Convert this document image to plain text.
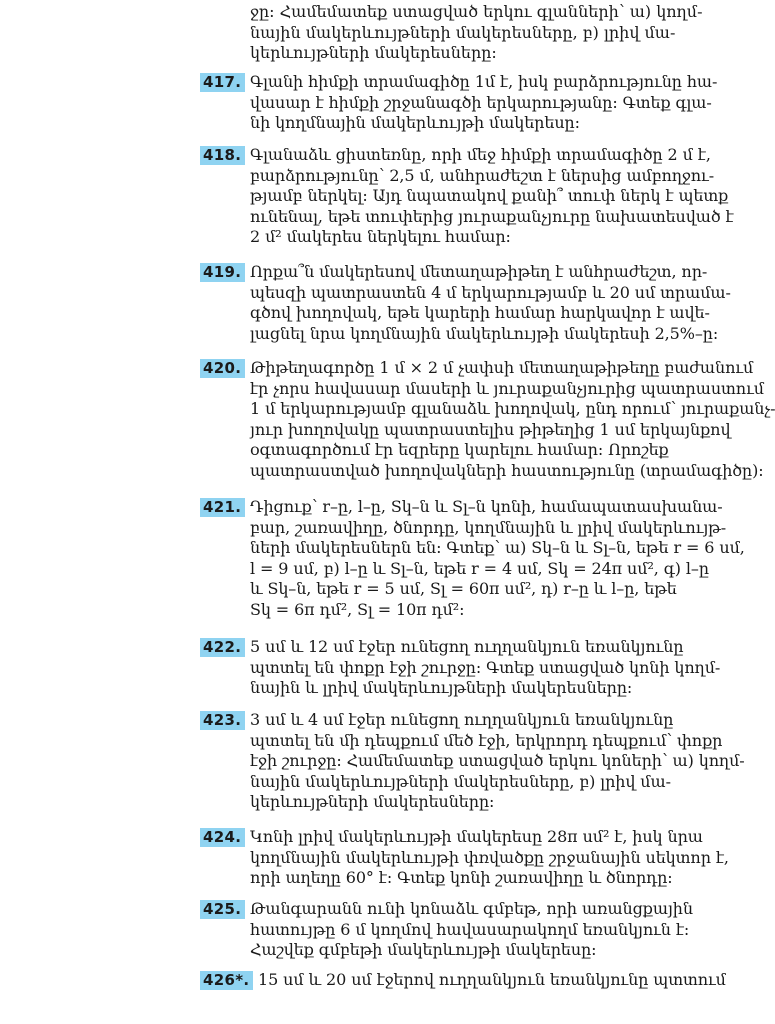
ջը: Համեմատեք ստացված երկու գլանների՝ ա) կողմ-
նային մակերևույթների մակերեսները, բ) լրիվ մա-
կերևույթների մակերեսները:
417. Գլանի հիմքի տրամագիծը 1մ է, իսկ բարձրությունը հա-
վասար է հիմքի շրջանագծի երկարությանը: Գտեք գլա-
նի կողմնային մակերևույթի մակերեսը:
418. Գլանաձև ցիստեռնը, որի մեջ հիմքի տրամագիծը 2 մ է,
բարձրությունը՝ 2,5 մ, անհրաժեշտ է ներսից ամբողջու-
թյամբ ներկել: Այդ նպատակով քանի՞ տուփ ներկ է պետք
ունենալ, եթե տուփերից յուրաքանչյուրը նախատեսված է
2 մ² մակերես ներկելու համար:
419. Որքա՞ն մակերեսով մետաղաթիթեղ է անհրաժեշտ, որ-
պեսզի պատրաստեն 4 մ երկարությամբ և 20 սմ տրամա-
գծով խողովակ, եթե կարերի համար հարկավոր է ավե-
լացնել նրա կողմնային մակերևույթի մակերեսի 2,5%–ը:
420. Թիթեղագործը 1 մ × 2 մ չափսի մետաղաթիթեղը բաժանում
էր չորս հավասար մասերի և յուրաքանչյուրից պատրաստում
1 մ երկարությամբ գլանաձև խողովակ, ընդ որում՝ յուրաքանչ-
յուր խողովակը պատրաստելիս թիթեղից 1 սմ երկայնքով
օգտագործում էր եզրերը կարելու համար: Որոշեք
պատրաստված խողովակների հաստությունը (տրամագիծը):
421. Դիցուք՝ r–ը, l–ը, Sկ–ն և Sլ–ն կոնի, համապատասխանա-
բար, շառավիղը, ծնորդը, կողմնային և լրիվ մակերևույթ-
ների մակերեսներն են: Գտեք՝ ա) Sկ–ն և Sլ–ն, եթե r = 6 սմ,
l = 9 սմ, բ) l–ը և Sլ–ն, եթե r = 4 սմ, Sկ = 24π սմ², գ) l–ը
և Sկ–ն, եթե r = 5 սմ, Sլ = 60π սմ², դ) r–ը և l–ը, եթե
Sկ = 6π դմ², Sլ = 10π դմ²:
422. 5 սմ և 12 սմ էջեր ունեցող ուղղանկյուն եռանկյունը
պտտել են փոքր էջի շուրջը: Գտեք ստացված կոնի կողմ-
նային և լրիվ մակերևույթների մակերեսները:
423. 3 սմ և 4 սմ էջեր ունեցող ուղղանկյուն եռանկյունը
պտտել են մի դեպքում մեծ էջի, երկրորդ դեպքում՝ փոքր
էջի շուրջը: Համեմատեք ստացված երկու կոների՝ ա) կողմ-
նային մակերևույթների մակերեսները, բ) լրիվ մա-
կերևույթների մակերեսները:
424. Կոնի լրիվ մակերևույթի մակերեսը 28π սմ² է, իսկ նրա
կողմնային մակերևույթի փռվածքը շրջանային սեկտոր է,
որի աղեղը 60° է: Գտեք կոնի շառավիղը և ծնորդը:
425. Թանգարանն ունի կոնաձև գմբեթ, որի առանցքային
հատույթը 6 մ կողմով հավասարակողմ եռանկյուն է:
Հաշվեք գմբեթի մակերևույթի մակերեսը:
426*. 15 սմ և 20 սմ էջերով ուղղանկյուն եռանկյունը պտտում
